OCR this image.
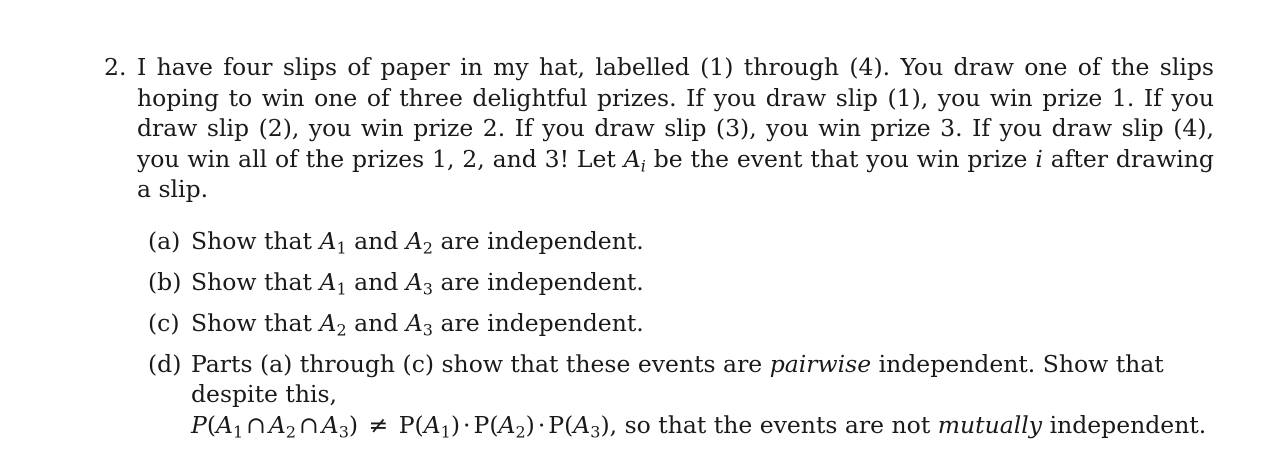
2. I have four slips of paper in my hat, labelled (1) through (4). You draw one of the slips hoping to win one of three delightful prizes. If you draw slip (1), you win prize 1. If you draw slip (2), you win prize 2. If you draw slip (3), you win prize 3. If you draw slip (4), you win all of the prizes 1, 2, and 3! Let $A_i$ be the event that you win prize i after drawing a slip.
(a) Show that $A_1$ and $A_2$ are independent.
(b) Show that $A_1$ and $A_3$ are independent.
(c) Show that $A_2$ and $A_3$ are independent.
(d) Parts (a) through (c) show that these events are pairwise independent. Show that despite this,
$P(A_1$ ∩ $A_2$ ∩ $A_3) \ne P(A_1) \cdot P(A_2) \cdot P(A_3)$, so that the events are not mutually independent.
